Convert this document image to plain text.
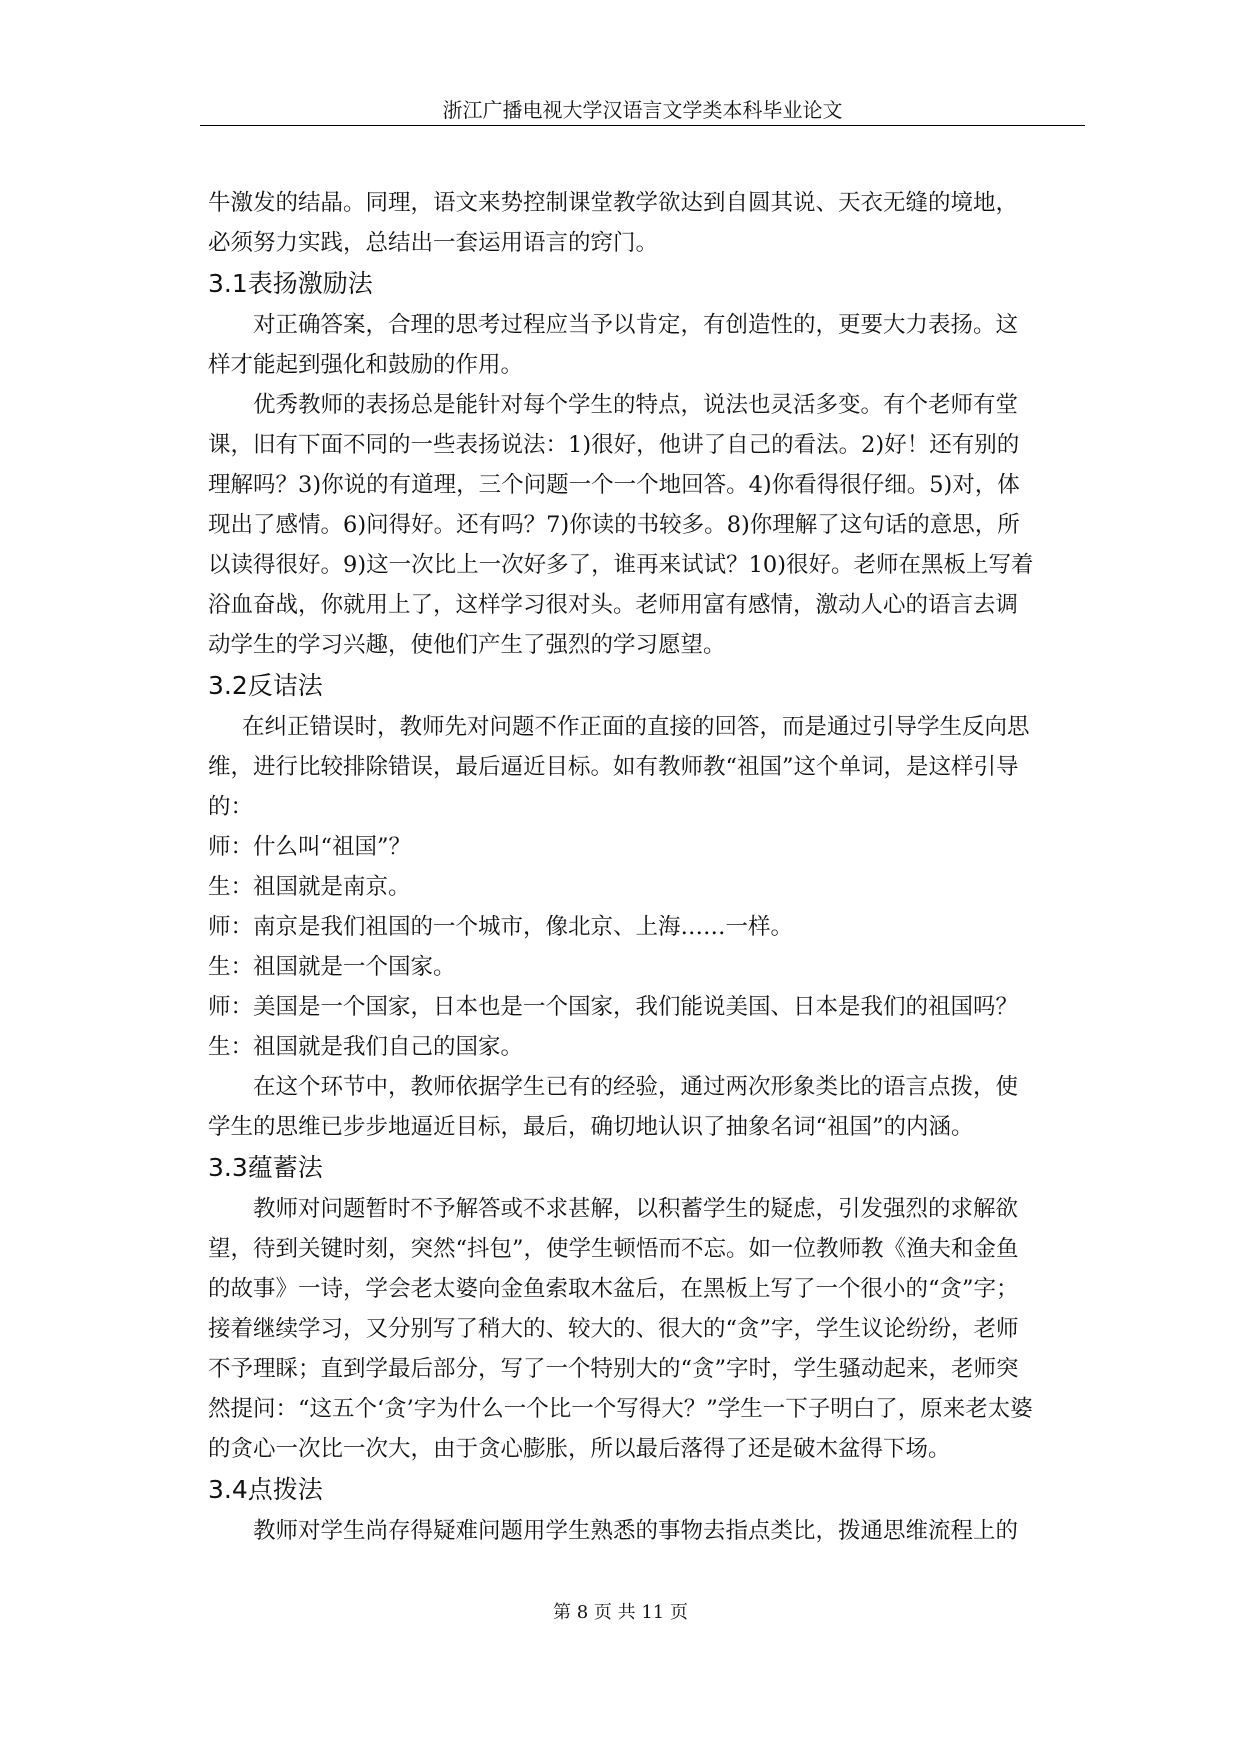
浙江广播电视大学汉语言文学类本科毕业论文
牛激发的结晶。同理，语文来势控制课堂教学欲达到自圆其说、天衣无缝的境地，
必须努力实践，总结出一套运用语言的窍门。
3.1表扬激励法
对正确答案，合理的思考过程应当予以肯定，有创造性的，更要大力表扬。这
样才能起到强化和鼓励的作用。
优秀教师的表扬总是能针对每个学生的特点，说法也灵活多变。有个老师有堂
课，旧有下面不同的一些表扬说法：1)很好，他讲了自己的看法。2)好！还有别的
理解吗？3)你说的有道理，三个问题一个一个地回答。4)你看得很仔细。5)对，体
现出了感情。6)问得好。还有吗？7)你读的书较多。8)你理解了这句话的意思，所
以读得很好。9)这一次比上一次好多了，谁再来试试？10)很好。老师在黑板上写着
浴血奋战，你就用上了，这样学习很对头。老师用富有感情，激动人心的语言去调
动学生的学习兴趣，使他们产生了强烈的学习愿望。
3.2反诘法
在纠正错误时，教师先对问题不作正面的直接的回答，而是通过引导学生反向思
维，进行比较排除错误，最后逼近目标。如有教师教“祖国”这个单词，是这样引导
的：
师：什么叫“祖国”？
生：祖国就是南京。
师：南京是我们祖国的一个城市，像北京、上海……一样。
生：祖国就是一个国家。
师：美国是一个国家，日本也是一个国家，我们能说美国、日本是我们的祖国吗？
生：祖国就是我们自己的国家。
在这个环节中，教师依据学生已有的经验，通过两次形象类比的语言点拨，使
学生的思维已步步地逼近目标，最后，确切地认识了抽象名词“祖国”的内涵。
3.3蕴蓄法
教师对问题暂时不予解答或不求甚解，以积蓄学生的疑虑，引发强烈的求解欲
望，待到关键时刻，突然“抖包”，使学生顿悟而不忘。如一位教师教《渔夫和金鱼
的故事》一诗，学会老太婆向金鱼索取木盆后，在黑板上写了一个很小的“贪”字；
接着继续学习，又分别写了稍大的、较大的、很大的“贪”字，学生议论纷纷，老师
不予理睬；直到学最后部分，写了一个特别大的“贪”字时，学生骚动起来，老师突
然提问：“这五个‘贪’字为什么一个比一个写得大？”学生一下子明白了，原来老太婆
的贪心一次比一次大，由于贪心膨胀，所以最后落得了还是破木盆得下场。
3.4点拨法
教师对学生尚存得疑难问题用学生熟悉的事物去指点类比，拨通思维流程上的
第 8 页 共 11 页
